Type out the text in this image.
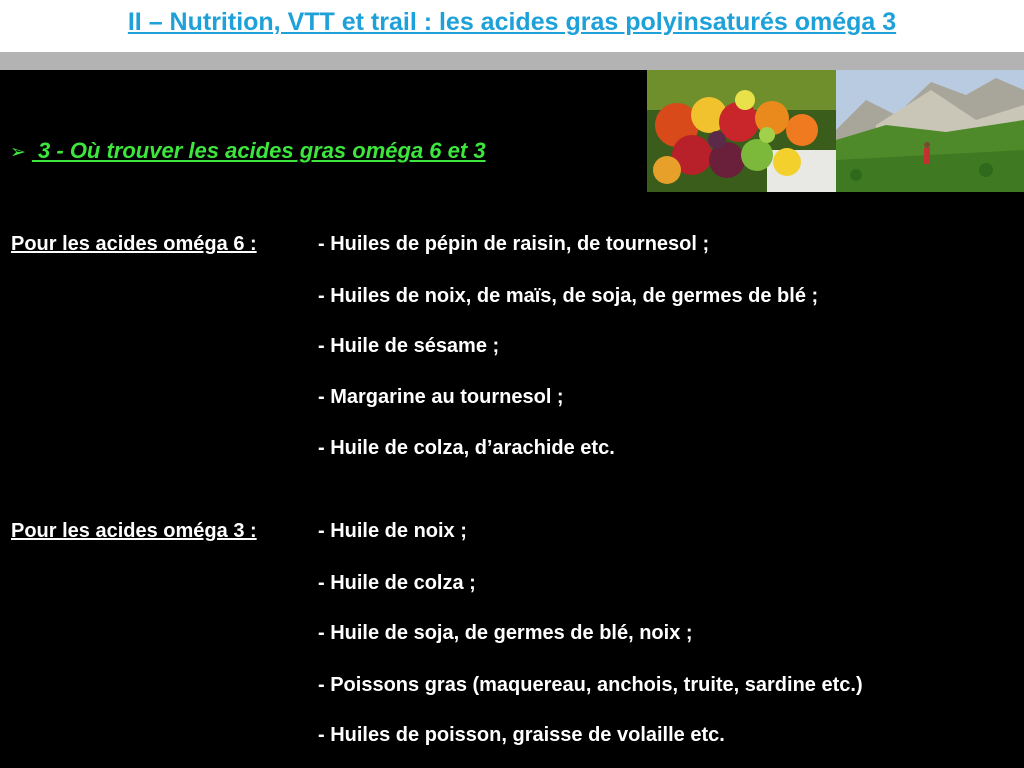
II – Nutrition, VTT et trail : les acides gras polyinsaturés oméga 3
➢ 3 - Où trouver les acides gras oméga 6 et 3
Pour les acides oméga 6 :	- Huiles de pépin de raisin, de tournesol ;
- Huiles de noix, de maïs, de soja, de germes de blé ;
- Huile de sésame ;
- Margarine au tournesol ;
- Huile de colza, d’arachide etc.
Pour les acides oméga 3 :	- Huile de noix ;
- Huile de colza ;
- Huile de soja, de germes de blé, noix ;
- Poissons gras (maquereau, anchois, truite, sardine etc.)
- Huiles de poisson, graisse de volaille etc.
